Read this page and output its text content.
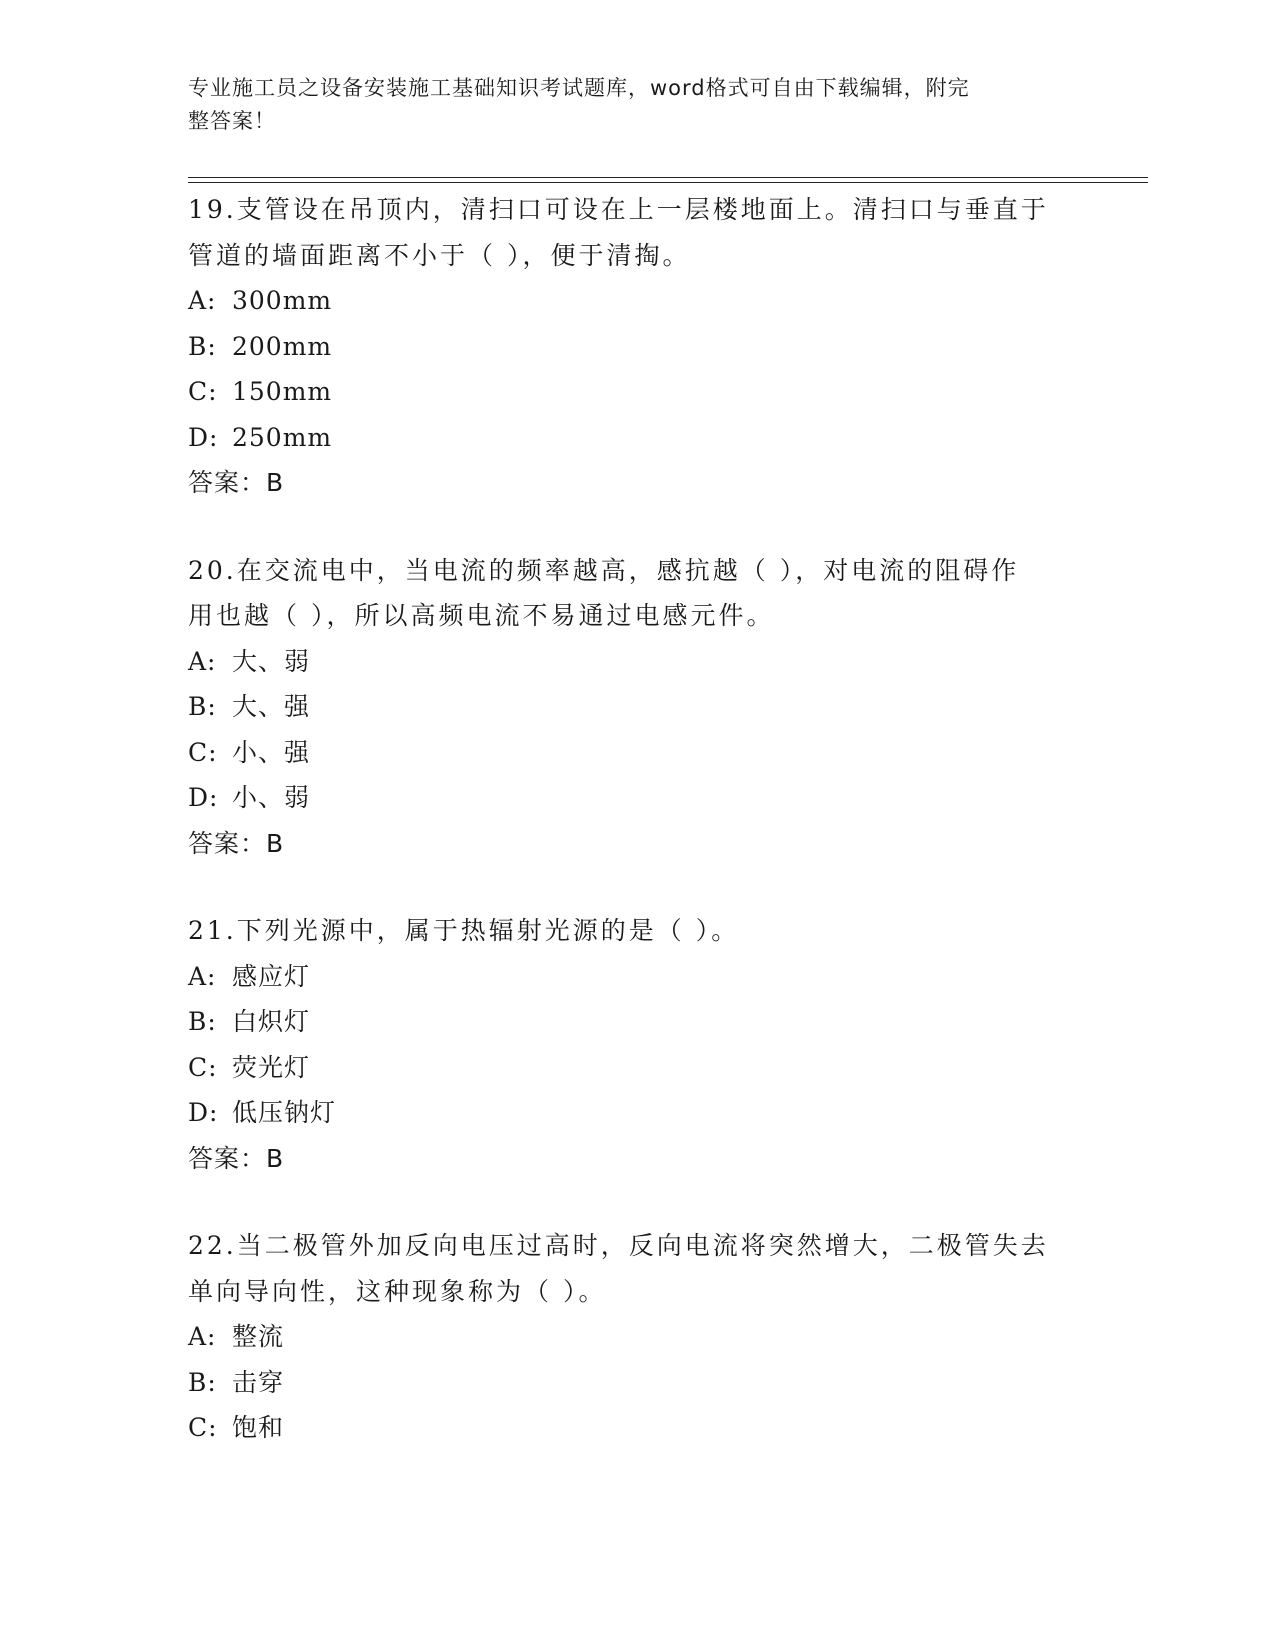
专业施工员之设备安装施工基础知识考试题库，word格式可自由下载编辑，附完
整答案！
19.支管设在吊顶内，清扫口可设在上一层楼地面上。清扫口与垂直于
管道的墙面距离不小于（ ），便于清掏。
A: 300mm
B: 200mm
C: 150mm
D: 250mm
答案：B
20.在交流电中，当电流的频率越高，感抗越（ ），对电流的阻碍作
用也越（ ），所以高频电流不易通过电感元件。
A: 大、弱
B: 大、强
C: 小、强
D: 小、弱
答案：B
21.下列光源中，属于热辐射光源的是（ ）。
A: 感应灯
B: 白炽灯
C: 荧光灯
D: 低压钠灯
答案：B
22.当二极管外加反向电压过高时，反向电流将突然增大，二极管失去
单向导向性，这种现象称为（ ）。
A: 整流
B: 击穿
C: 饱和
